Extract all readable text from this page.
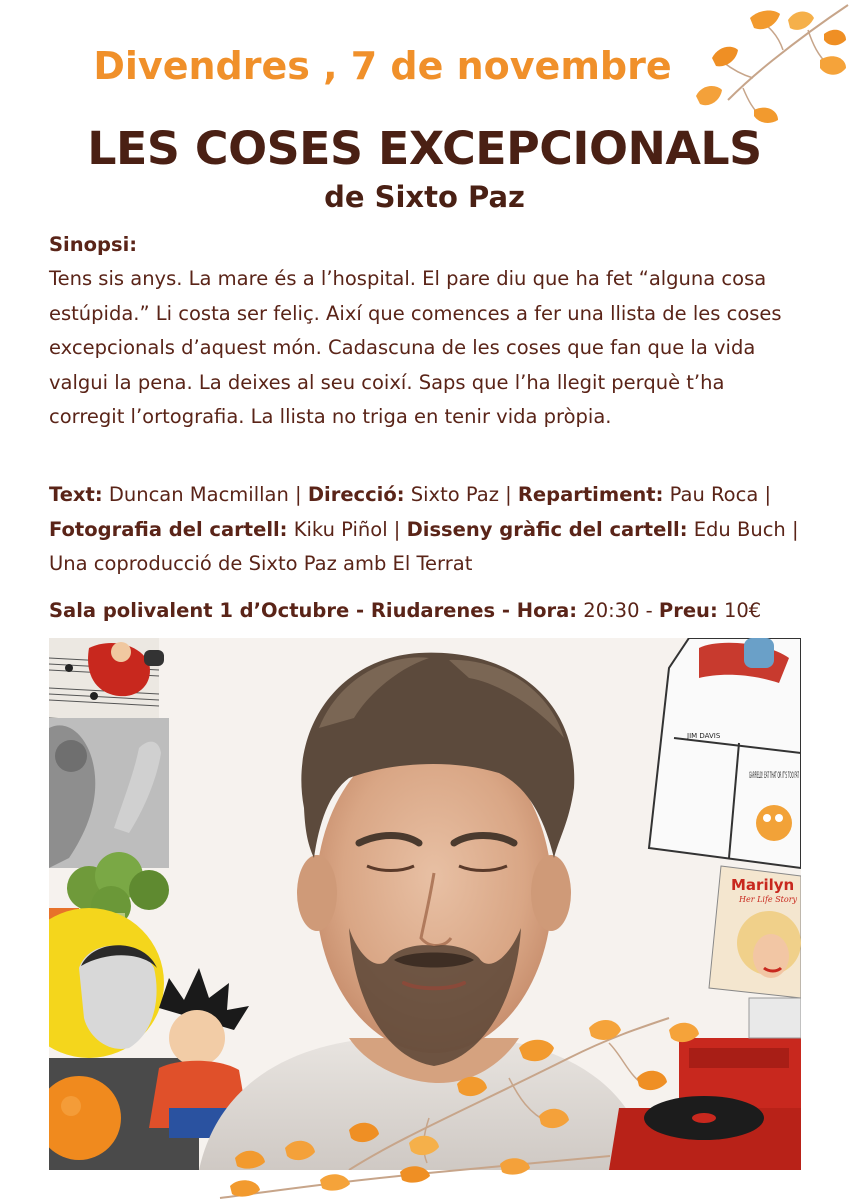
Divendres , 7 de novembre
LES COSES EXCEPCIONALS
de Sixto Paz
Sinopsi:
Tens sis anys. La mare és a l’hospital. El pare diu que ha fet “alguna cosa estúpida.” Li costa ser feliç. Així que comences a fer una llista de les coses excepcionals d’aquest món. Cadascuna de les coses que fan que la vida valgui la pena. La deixes al seu coixí. Saps que l’ha llegit perquè t’ha corregit l’ortografia. La llista no triga en tenir vida pròpia.
Text: Duncan Macmillan | Direcció: Sixto Paz | Repartiment: Pau Roca | Fotografia del cartell: Kiku Piñol | Disseny gràfic del cartell: Edu Buch | Una coproducció de Sixto Paz amb El Terrat
Sala polivalent 1 d’Octubre - Riudarenes - Hora: 20:30 - Preu: 10€
GARFIELD! EAT THAT OR IT'S TOO FAT
JIM DAVIS
Marilyn
Her Life Story
